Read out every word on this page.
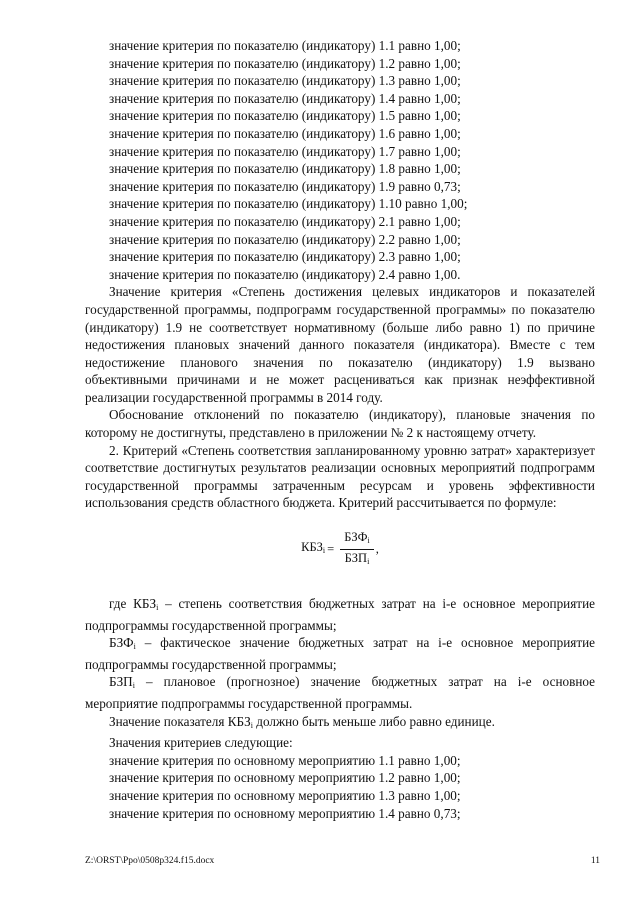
значение критерия по показателю (индикатору) 1.1 равно 1,00;

значение критерия по показателю (индикатору) 1.2 равно 1,00;

значение критерия по показателю (индикатору) 1.3 равно 1,00;

значение критерия по показателю (индикатору) 1.4 равно 1,00;

значение критерия по показателю (индикатору) 1.5 равно 1,00;

значение критерия по показателю (индикатору) 1.6 равно 1,00;

значение критерия по показателю (индикатору) 1.7 равно 1,00;

значение критерия по показателю (индикатору) 1.8 равно 1,00;

значение критерия по показателю (индикатору) 1.9 равно 0,73;

значение критерия по показателю (индикатору) 1.10 равно 1,00;

значение критерия по показателю (индикатору) 2.1 равно 1,00;

значение критерия по показателю (индикатору) 2.2 равно 1,00;

значение критерия по показателю (индикатору) 2.3 равно 1,00;

значение критерия по показателю (индикатору) 2.4 равно 1,00.

Значение критерия «Степень достижения целевых индикаторов и показателей государственной программы, подпрограмм государственной программы» по показателю (индикатору) 1.9 не соответствует нормативному (больше либо равно 1) по причине недостижения плановых значений данного показателя (индикатора). Вместе с тем недостижение планового значения по показателю (индикатору) 1.9 вызвано объективными причинами и не может расцениваться как признак неэффективной реализации государственной программы в 2014 году.

Обоснование отклонений по показателю (индикатору), плановые значения по которому не достигнуты, представлено в приложении № 2 к настоящему отчету.

2. Критерий «Степень соответствия запланированному уровню затрат» характеризует соответствие достигнутых результатов реализации основных мероприятий подпрограмм государственной программы затраченным ресурсам и уровень эффективности использования средств областного бюджета. Критерий рассчитывается по формуле:

$КБЗ_i = \frac{БЗФ_i}{БЗП_i}$ ,

где $КБЗ_i$ – степень соответствия бюджетных затрат на i-е основное мероприятие подпрограммы государственной программы;

$БЗФ_i$ – фактическое значение бюджетных затрат на i-е основное мероприятие подпрограммы государственной программы;

$БЗП_i$ – плановое (прогнозное) значение бюджетных затрат на i-е основное мероприятие подпрограммы государственной программы.

Значение показателя $КБЗ_i$ должно быть меньше либо равно единице.

Значения критериев следующие:

значение критерия по основному мероприятию 1.1 равно 1,00;

значение критерия по основному мероприятию 1.2 равно 1,00;

значение критерия по основному мероприятию 1.3 равно 1,00;

значение критерия по основному мероприятию 1.4 равно 0,73;

Z:\ORST\Ppo\0508p324.f15.docx	11
